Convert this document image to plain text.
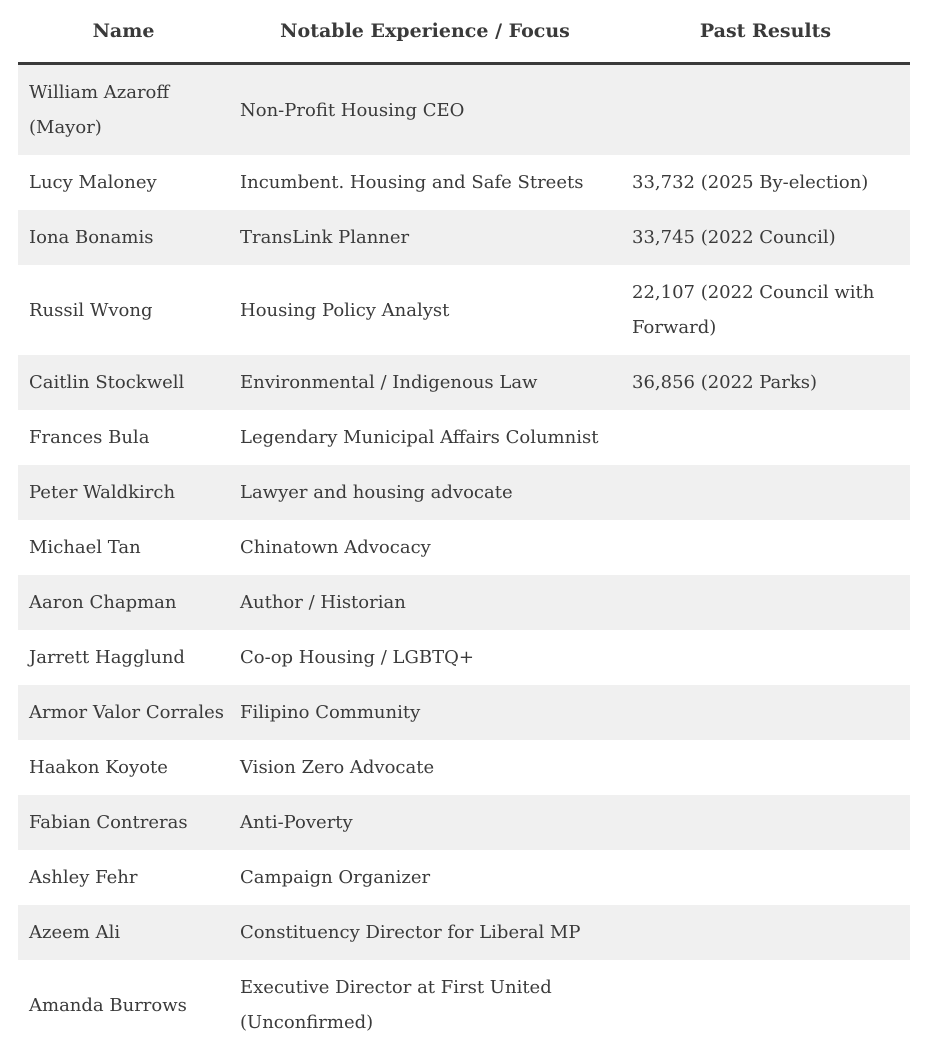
Name	Notable Experience / Focus	Past Results
William Azaroff (Mayor)	Non-Profit Housing CEO	
Lucy Maloney	Incumbent. Housing and Safe Streets	33,732 (2025 By-election)
Iona Bonamis	TransLink Planner	33,745 (2022 Council)
Russil Wvong	Housing Policy Analyst	22,107 (2022 Council with Forward)
Caitlin Stockwell	Environmental / Indigenous Law	36,856 (2022 Parks)
Frances Bula	Legendary Municipal Affairs Columnist	
Peter Waldkirch	Lawyer and housing advocate	
Michael Tan	Chinatown Advocacy	
Aaron Chapman	Author / Historian	
Jarrett Hagglund	Co-op Housing / LGBTQ+	
Armor Valor Corrales	Filipino Community	
Haakon Koyote	Vision Zero Advocate	
Fabian Contreras	Anti-Poverty	
Ashley Fehr	Campaign Organizer	
Azeem Ali	Constituency Director for Liberal MP	
Amanda Burrows	Executive Director at First United (Unconfirmed)	
